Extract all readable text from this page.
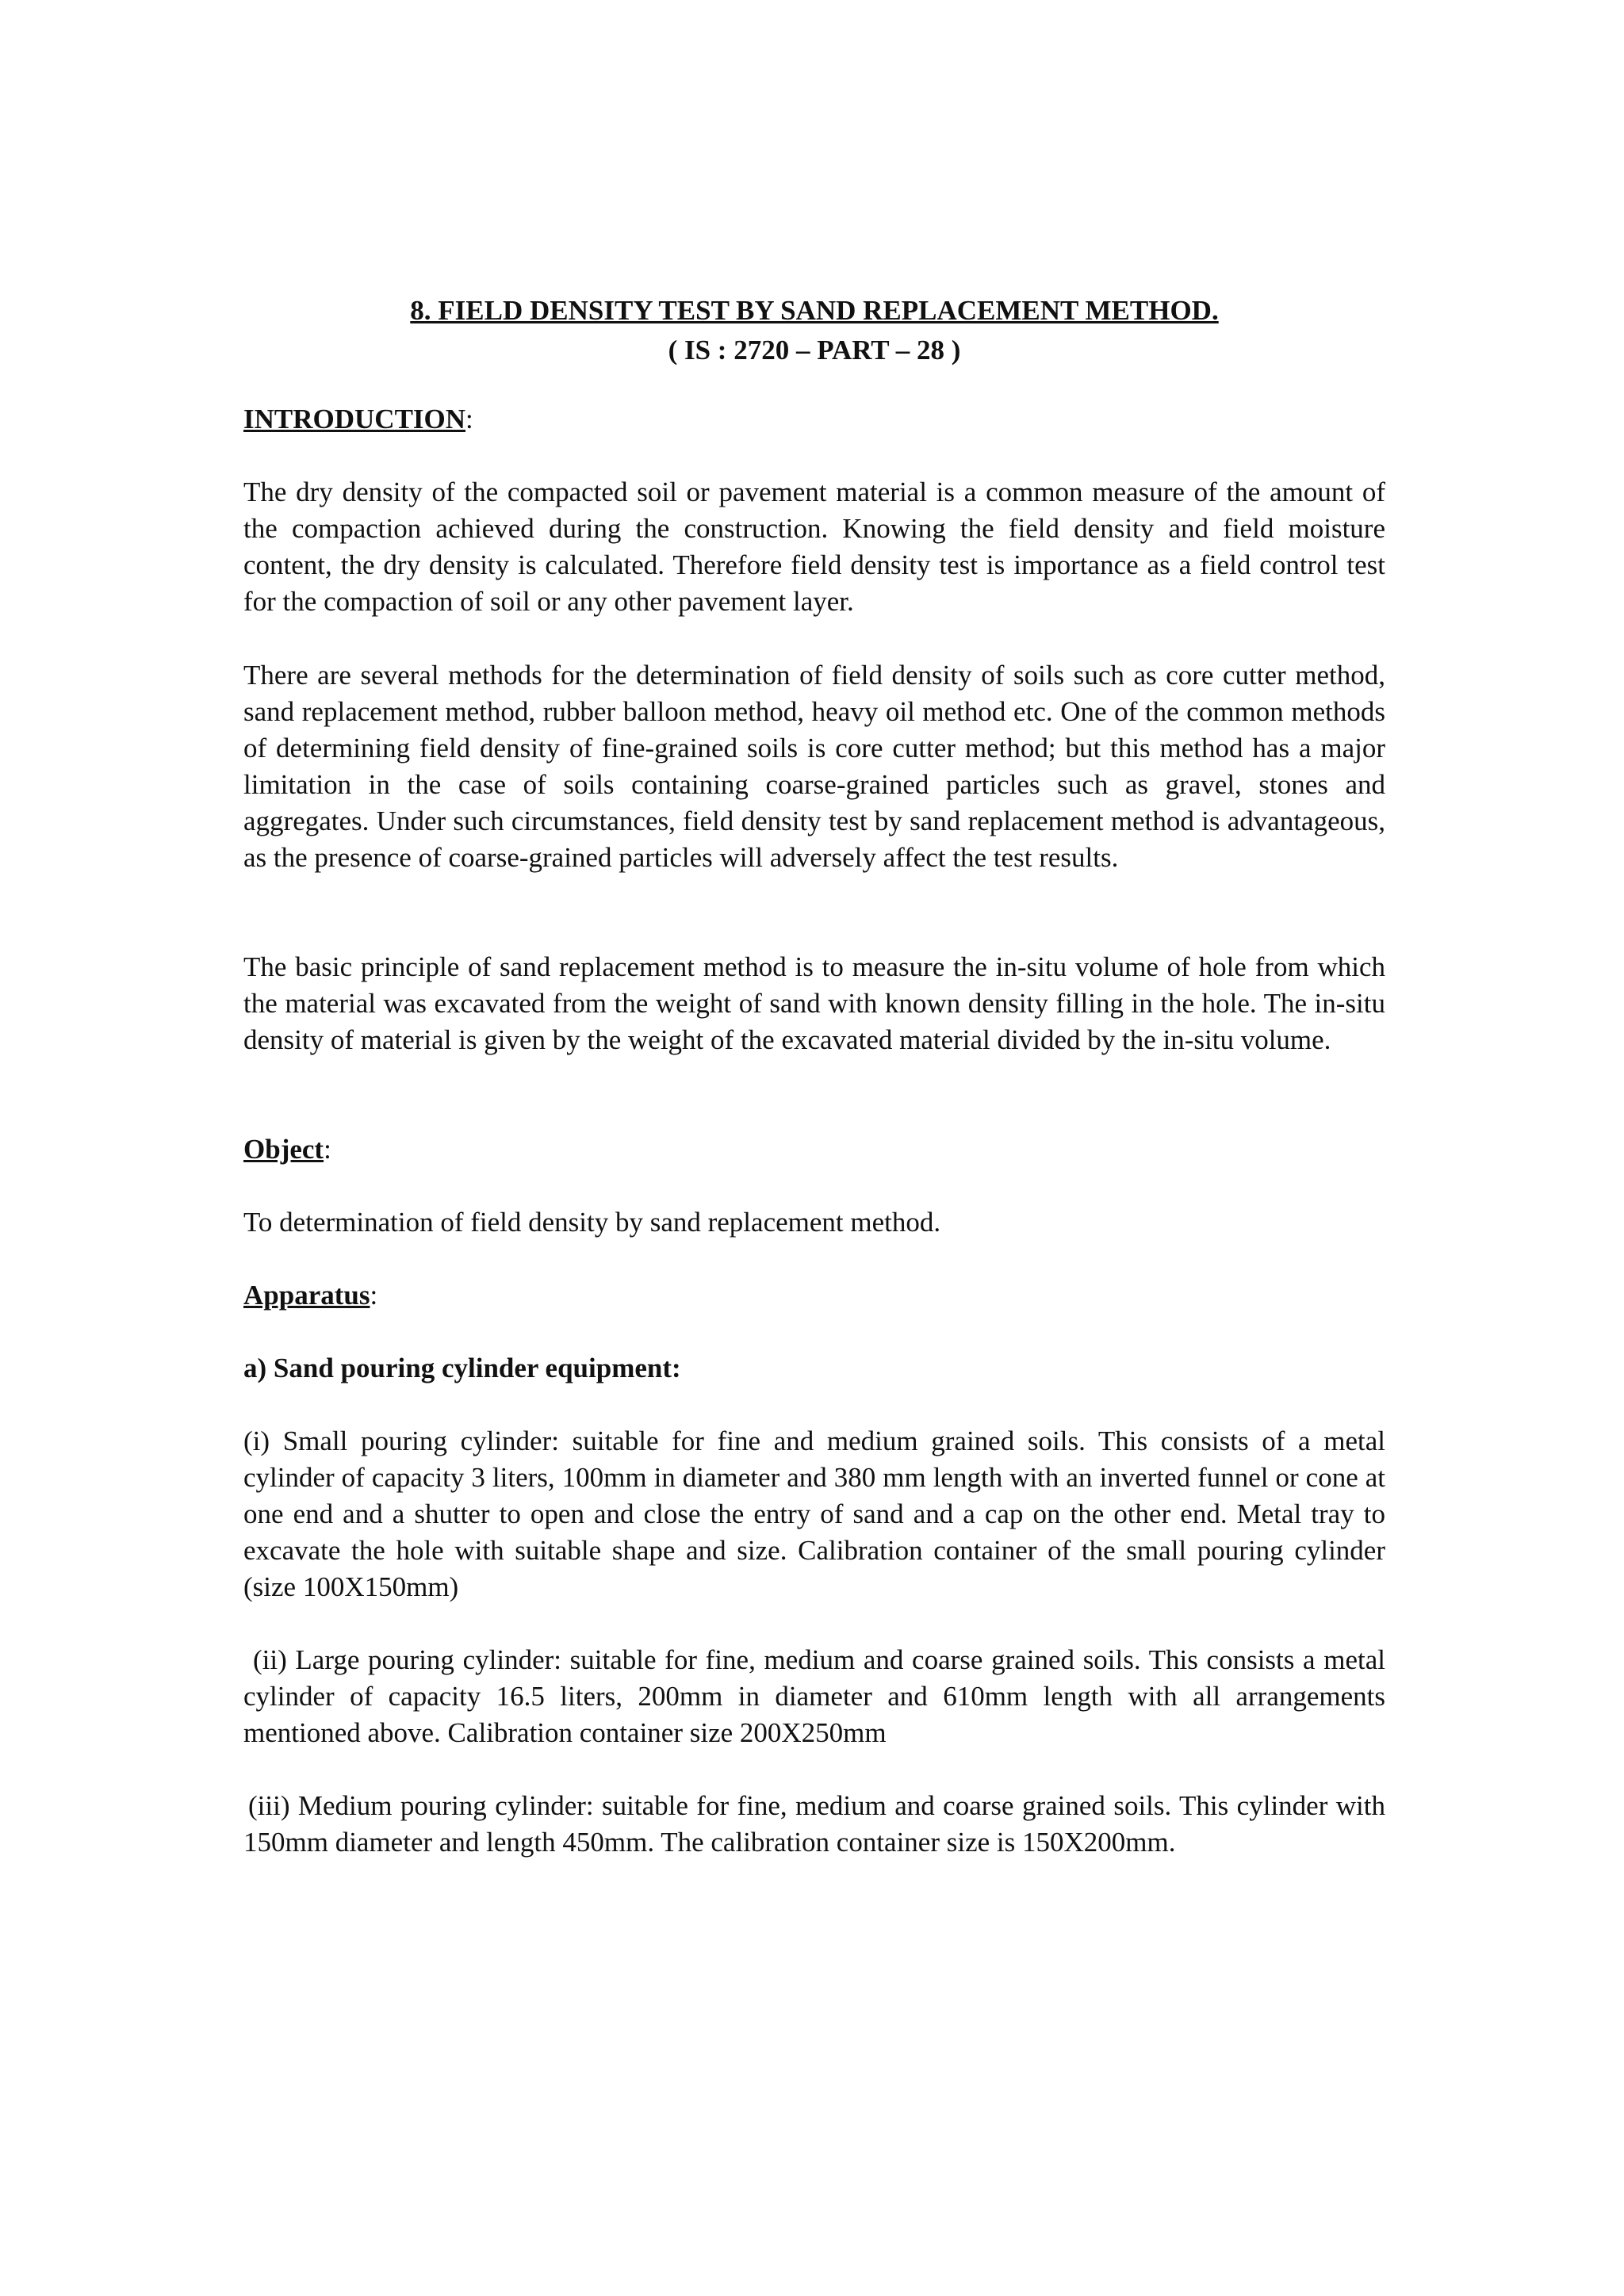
8. FIELD DENSITY TEST BY SAND REPLACEMENT METHOD.
( IS : 2720 – PART – 28 )
INTRODUCTION:

The dry density of the compacted soil or pavement material is a common measure of the amount of the compaction achieved during the construction. Knowing the field density and field moisture content, the dry density is calculated. Therefore field density test is importance as a field control test for the compaction of soil or any other pavement layer.

There are several methods for the determination of field density of soils such as core cutter method, sand replacement method, rubber balloon method, heavy oil method etc. One of the common methods of determining field density of fine-grained soils is core cutter method; but this method has a major limitation in the case of soils containing coarse-grained particles such as gravel, stones and aggregates. Under such circumstances, field density test by sand replacement method is advantageous, as the presence of coarse-grained particles will adversely affect the test results.

The basic principle of sand replacement method is to measure the in-situ volume of hole from which the material was excavated from the weight of sand with known density filling in the hole. The in-situ density of material is given by the weight of the excavated material divided by the in-situ volume.

Object:

To determination of field density by sand replacement method.

Apparatus:
a) Sand pouring cylinder equipment:

(i) Small pouring cylinder: suitable for fine and medium grained soils. This consists of a metal cylinder of capacity 3 liters, 100mm in diameter and 380 mm length with an inverted funnel or cone at one end and a shutter to open and close the entry of sand and a cap on the other end. Metal tray to excavate the hole with suitable shape and size. Calibration container of the small pouring cylinder (size 100X150mm)

(ii) Large pouring cylinder: suitable for fine, medium and coarse grained soils. This consists a metal cylinder of capacity 16.5 liters, 200mm in diameter and 610mm length with all arrangements mentioned above. Calibration container size 200X250mm

(iii) Medium pouring cylinder: suitable for fine, medium and coarse grained soils. This cylinder with 150mm diameter and length 450mm. The calibration container size is 150X200mm.
